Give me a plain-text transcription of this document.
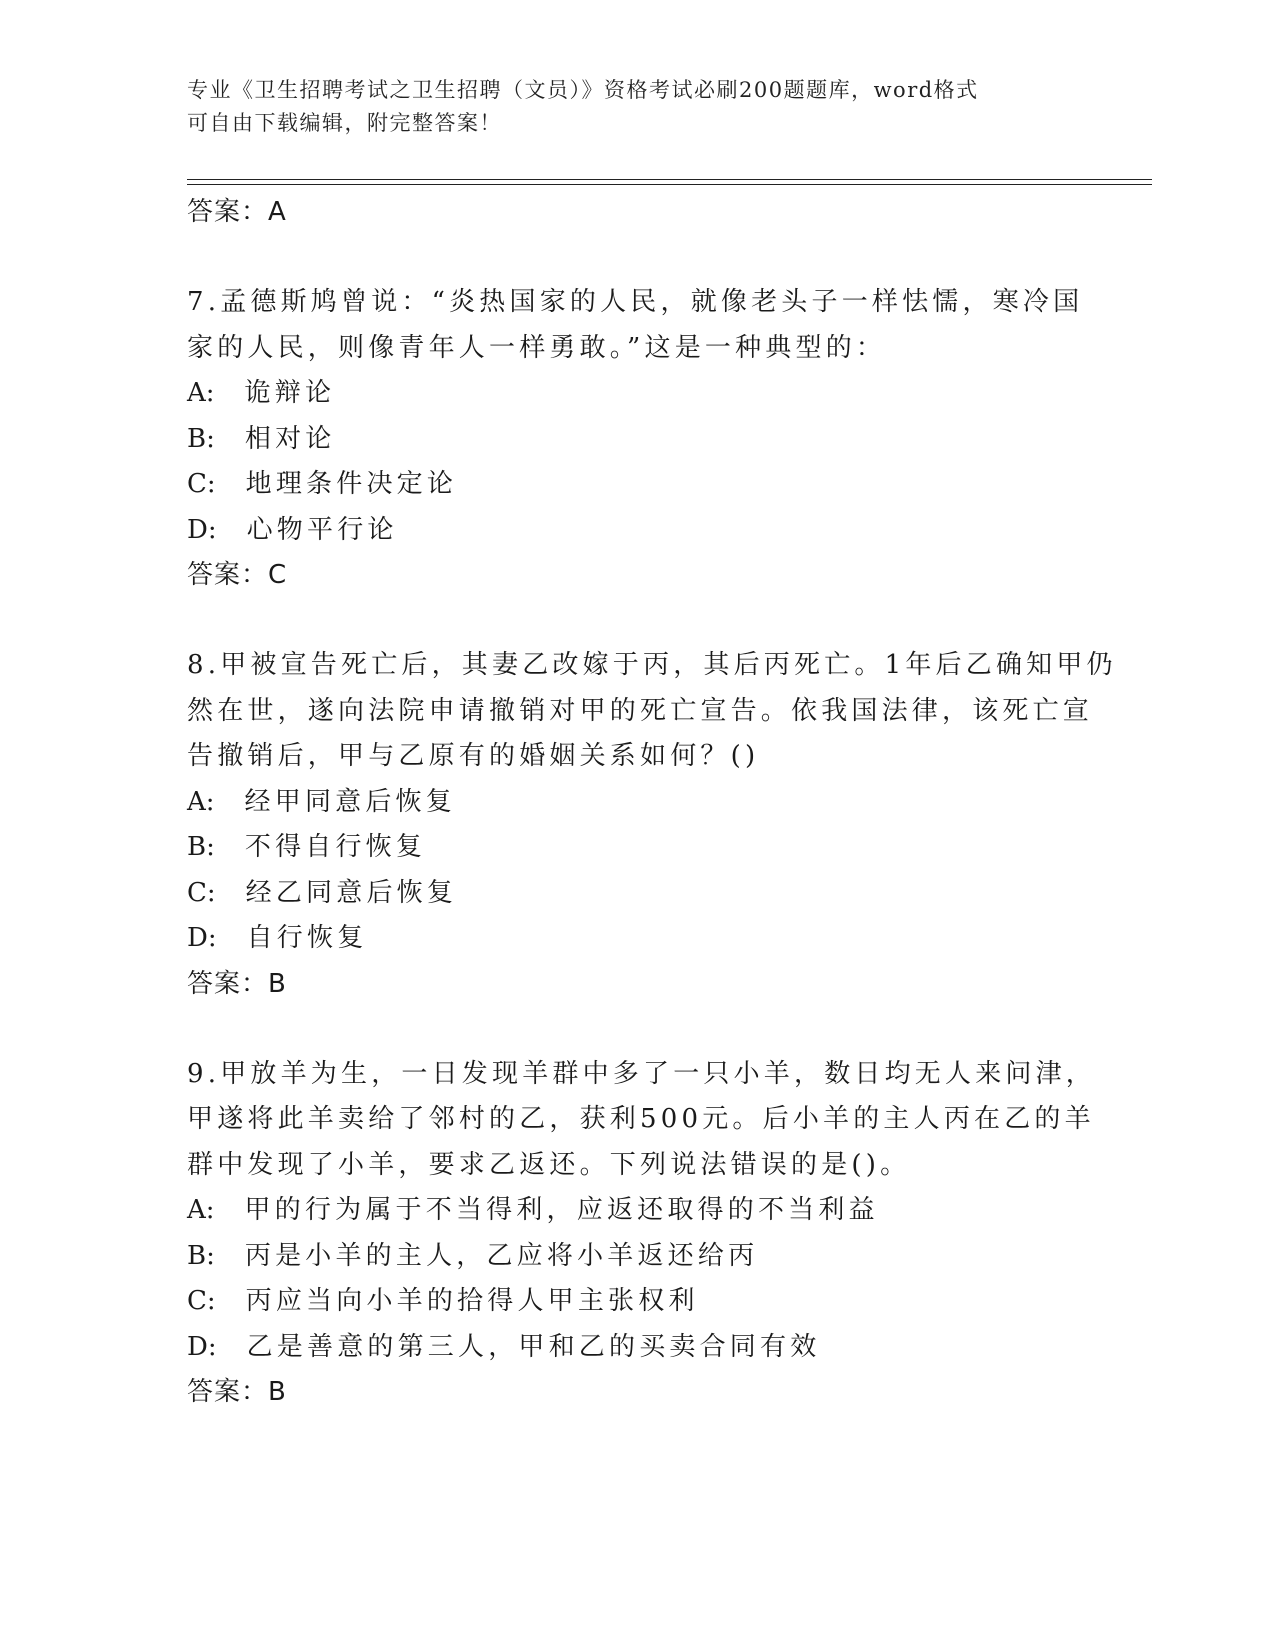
专业《卫生招聘考试之卫生招聘（文员）》资格考试必刷200题题库，word格式
可自由下载编辑，附完整答案！
答案：A
7.孟德斯鸠曾说：“炎热国家的人民，就像老头子一样怯懦，寒冷国
家的人民，则像青年人一样勇敢。”这是一种典型的：
A: 诡辩论
B: 相对论
C: 地理条件决定论
D: 心物平行论
答案：C
8.甲被宣告死亡后，其妻乙改嫁于丙，其后丙死亡。1年后乙确知甲仍
然在世，遂向法院申请撤销对甲的死亡宣告。依我国法律，该死亡宣
告撤销后，甲与乙原有的婚姻关系如何？()
A: 经甲同意后恢复
B: 不得自行恢复
C: 经乙同意后恢复
D: 自行恢复
答案：B
9.甲放羊为生，一日发现羊群中多了一只小羊，数日均无人来问津，
甲遂将此羊卖给了邻村的乙，获利500元。后小羊的主人丙在乙的羊
群中发现了小羊，要求乙返还。下列说法错误的是()。
A: 甲的行为属于不当得利，应返还取得的不当利益
B: 丙是小羊的主人，乙应将小羊返还给丙
C: 丙应当向小羊的拾得人甲主张权利
D: 乙是善意的第三人，甲和乙的买卖合同有效
答案：B
